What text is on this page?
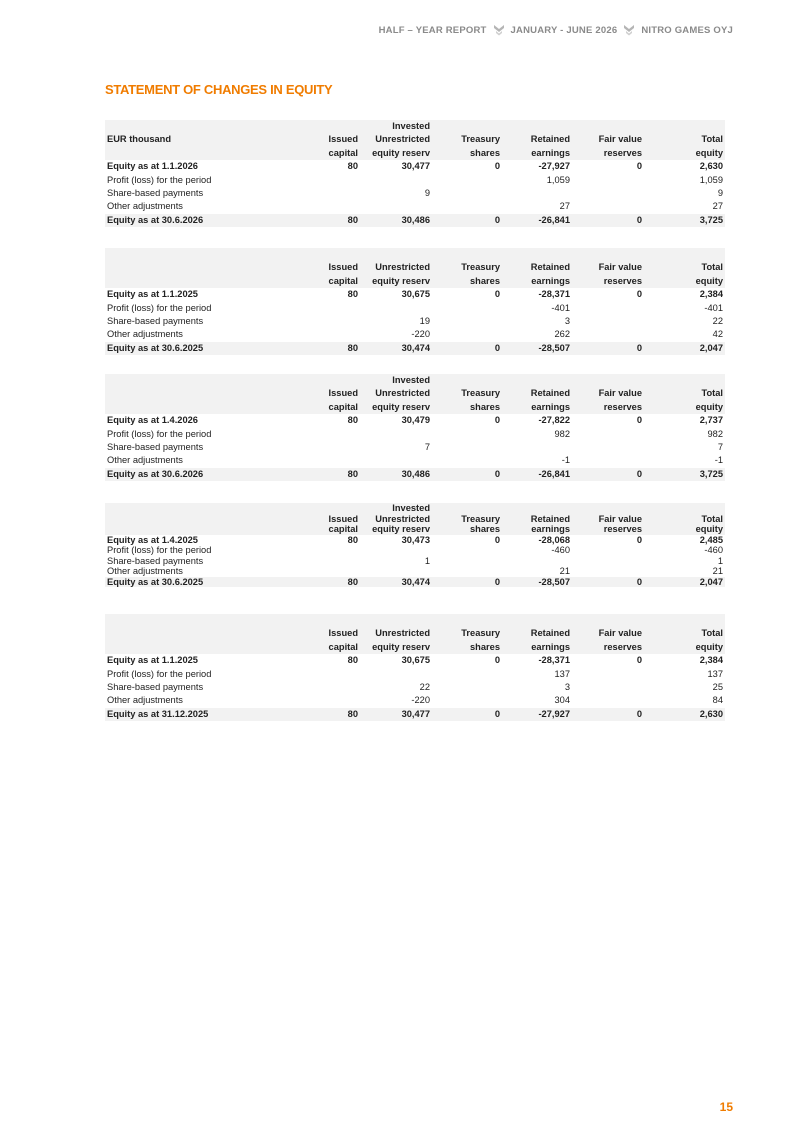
HALF – YEAR REPORT	JANUARY - JUNE 2026	NITRO GAMES OYJ
STATEMENT OF CHANGES IN EQUITY
		Invested				
EUR thousand	Issued	Unrestricted	Treasury	Retained	Fair value	Total
	capital	equity reserv	shares	earnings	reserves	equity
Equity as at 1.1.2026	80	30,477	0	-27,927	0	2,630
Profit (loss) for the period				1,059		1,059
Share-based payments		9				9
Other adjustments				27		27
Equity as at 30.6.2026	80	30,486	0	-26,841	0	3,725

	Issued	Unrestricted	Treasury	Retained	Fair value	Total
	capital	equity reserv	shares	earnings	reserves	equity
Equity as at 1.1.2025	80	30,675	0	-28,371	0	2,384
Profit (loss) for the period				-401		-401
Share-based payments		19		3		22
Other adjustments		-220		262		42
Equity as at 30.6.2025	80	30,474	0	-28,507	0	2,047
		Invested				
	Issued	Unrestricted	Treasury	Retained	Fair value	Total
	capital	equity reserv	shares	earnings	reserves	equity
Equity as at 1.4.2026	80	30,479	0	-27,822	0	2,737
Profit (loss) for the period				982		982
Share-based payments		7				7
Other adjustments				-1		-1
Equity as at 30.6.2026	80	30,486	0	-26,841	0	3,725
		Invested				
	Issued	Unrestricted	Treasury	Retained	Fair value	Total
	capital	equity reserv	shares	earnings	reserves	equity
Equity as at 1.4.2025	80	30,473	0	-28,068	0	2,485
Profit (loss) for the period				-460		-460
Share-based payments		1				1
Other adjustments				21		21
Equity as at 30.6.2025	80	30,474	0	-28,507	0	2,047

	Issued	Unrestricted	Treasury	Retained	Fair value	Total
	capital	equity reserv	shares	earnings	reserves	equity
Equity as at 1.1.2025	80	30,675	0	-28,371	0	2,384
Profit (loss) for the period				137		137
Share-based payments		22		3		25
Other adjustments		-220		304		84
Equity as at 31.12.2025	80	30,477	0	-27,927	0	2,630
15
